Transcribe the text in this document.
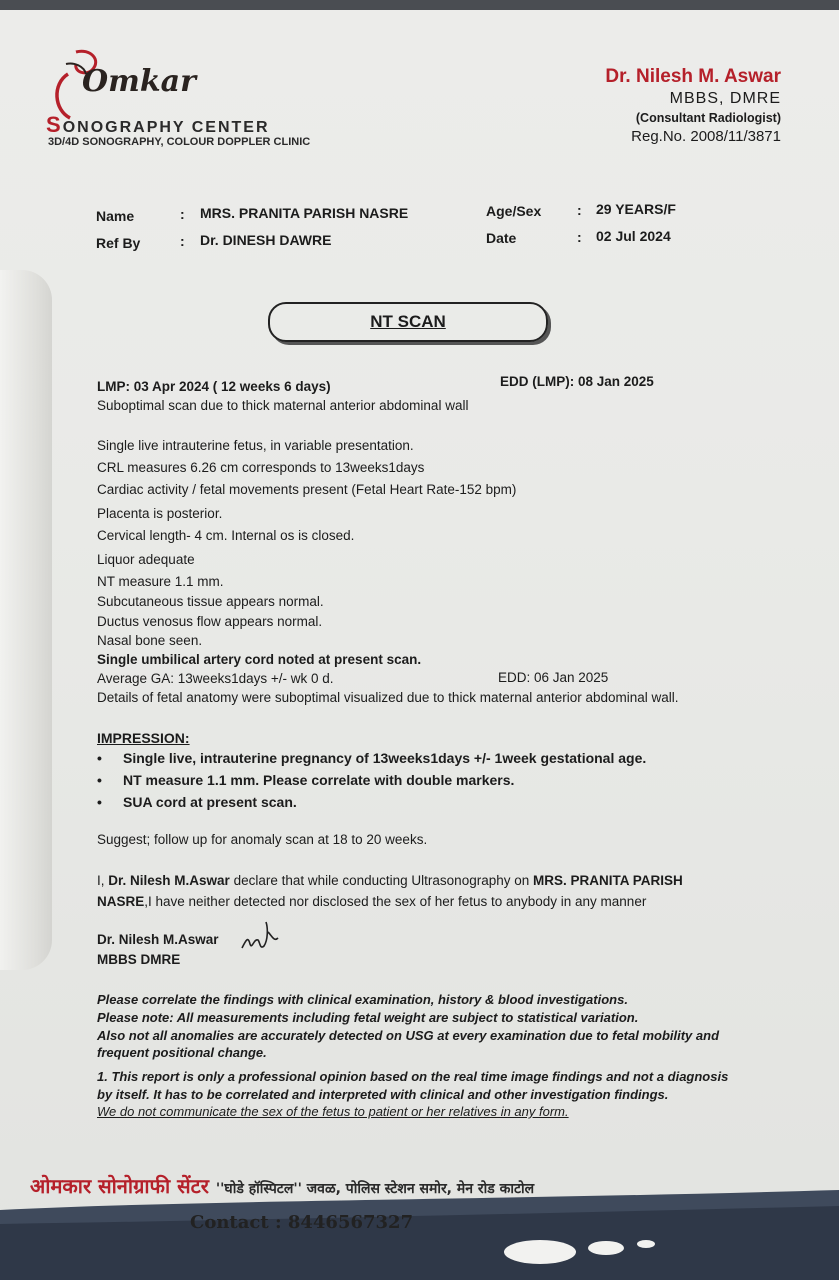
Omkar
SONOGRAPHY CENTER
3D/4D SONOGRAPHY, COLOUR DOPPLER CLINIC
Dr. Nilesh M. Aswar
MBBS, DMRE
(Consultant Radiologist)
Reg.No. 2008/11/3871
Name	: MRS. PRANITA PARISH NASRE
Ref By	: Dr. DINESH DAWRE
Age/Sex	: 29 YEARS/F
Date	: 02 Jul 2024
NT SCAN
LMP: 03 Apr 2024 ( 12 weeks 6 days)	EDD (LMP): 08 Jan 2025
Suboptimal scan due to thick maternal anterior abdominal wall
Single live intrauterine fetus, in variable presentation.
CRL measures 6.26 cm corresponds to 13weeks1days
Cardiac activity / fetal movements present (Fetal Heart Rate-152 bpm)
Placenta is posterior.
Cervical length- 4 cm. Internal os is closed.
Liquor adequate
NT measure 1.1 mm.
Subcutaneous tissue appears normal.
Ductus venosus flow appears normal.
Nasal bone seen.
Single umbilical artery cord noted at present scan.
Average GA: 13weeks1days +/- wk 0 d.	EDD: 06 Jan 2025
Details of fetal anatomy were suboptimal visualized due to thick maternal anterior abdominal wall.
IMPRESSION:
• Single live, intrauterine pregnancy of 13weeks1days +/- 1week gestational age.
• NT measure 1.1 mm. Please correlate with double markers.
• SUA cord at present scan.
Suggest; follow up for anomaly scan at 18 to 20 weeks.
I, Dr. Nilesh M.Aswar declare that while conducting Ultrasonography on MRS. PRANITA PARISH
NASRE,I have neither detected nor disclosed the sex of her fetus to anybody in any manner
Dr. Nilesh M.Aswar
MBBS DMRE
Please correlate the findings with clinical examination, history & blood investigations.
Please note: All measurements including fetal weight are subject to statistical variation.
Also not all anomalies are accurately detected on USG at every examination due to fetal mobility and
frequent positional change.
1. This report is only a professional opinion based on the real time image findings and not a diagnosis
by itself. It has to be correlated and interpreted with clinical and other investigation findings.
We do not communicate the sex of the fetus to patient or her relatives in any form.
ओमकार सोनोग्राफी सेंटर ''घोडे हॉस्पिटल'' जवळ, पोलिस स्टेशन समोर, मेन रोड काटोल
Contact : 8446567327
